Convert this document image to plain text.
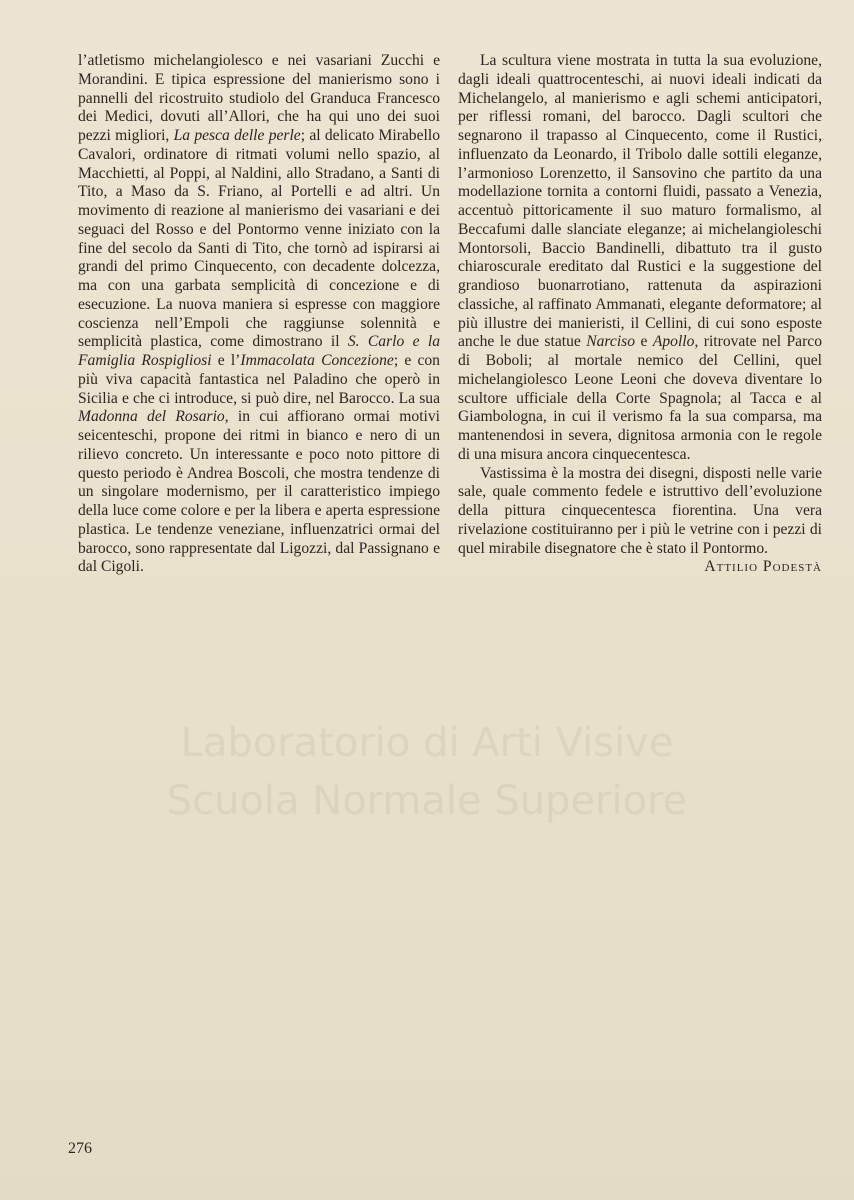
Laboratorio di Arti Visive
Scuola Normale Superiore

l’atletismo michelangiolesco e nei vasariani Zucchi e Morandini. E tipica espressione del manierismo sono i pannelli del ricostruito studiolo del Granduca Francesco dei Medici, dovuti all’Allori, che ha qui uno dei suoi pezzi migliori, La pesca delle perle; al delicato Mirabello Cavalori, ordinatore di ritmati volumi nello spazio, al Macchietti, al Poppi, al Naldini, allo Stradano, a Santi di Tito, a Maso da S. Friano, al Portelli e ad altri. Un movimento di reazione al manierismo dei vasariani e dei seguaci del Rosso e del Pontormo venne iniziato con la fine del secolo da Santi di Tito, che tornò ad ispirarsi ai grandi del primo Cinquecento, con decadente dolcezza, ma con una garbata semplicità di concezione e di esecuzione. La nuova maniera si espresse con maggiore coscienza nell’Empoli che raggiunse solennità e semplicità plastica, come dimostrano il S. Carlo e la Famiglia Rospigliosi e l’Immacolata Concezione; e con più viva capacità fantastica nel Paladino che operò in Sicilia e che ci introduce, si può dire, nel Barocco. La sua Madonna del Rosario, in cui affiorano ormai motivi seicenteschi, propone dei ritmi in bianco e nero di un rilievo concreto. Un interessante e poco noto pittore di questo periodo è Andrea Boscoli, che mostra tendenze di un singolare modernismo, per il caratteristico impiego della luce come colore e per la libera e aperta espressione plastica. Le tendenze veneziane, influenzatrici ormai del barocco, sono rappresentate dal Ligozzi, dal Passignano e dal Cigoli.

La scultura viene mostrata in tutta la sua evoluzione, dagli ideali quattrocenteschi, ai nuovi ideali indicati da Michelangelo, al manierismo e agli schemi anticipatori, per riflessi romani, del barocco. Dagli scultori che segnarono il trapasso al Cinquecento, come il Rustici, influenzato da Leonardo, il Tribolo dalle sottili eleganze, l’armonioso Lorenzetto, il Sansovino che partito da una modellazione tornita a contorni fluidi, passato a Venezia, accentuò pittoricamente il suo maturo formalismo, al Beccafumi dalle slanciate eleganze; ai michelangioleschi Montorsoli, Baccio Bandinelli, dibattuto tra il gusto chiaroscurale ereditato dal Rustici e la suggestione del grandioso buonarrotiano, rattenuta da aspirazioni classiche, al raffinato Ammanati, elegante deformatore; al più illustre dei manieristi, il Cellini, di cui sono esposte anche le due statue Narciso e Apollo, ritrovate nel Parco di Boboli; al mortale nemico del Cellini, quel michelangiolesco Leone Leoni che doveva diventare lo scultore ufficiale della Corte Spagnola; al Tacca e al Giambologna, in cui il verismo fa la sua comparsa, ma mantenendosi in severa, dignitosa armonia con le regole di una misura ancora cinquecentesca.

Vastissima è la mostra dei disegni, disposti nelle varie sale, quale commento fedele e istruttivo dell’evoluzione della pittura cinquecentesca fiorentina. Una vera rivelazione costituiranno per i più le vetrine con i pezzi di quel mirabile disegnatore che è stato il Pontormo.

Attilio Podestà

276
